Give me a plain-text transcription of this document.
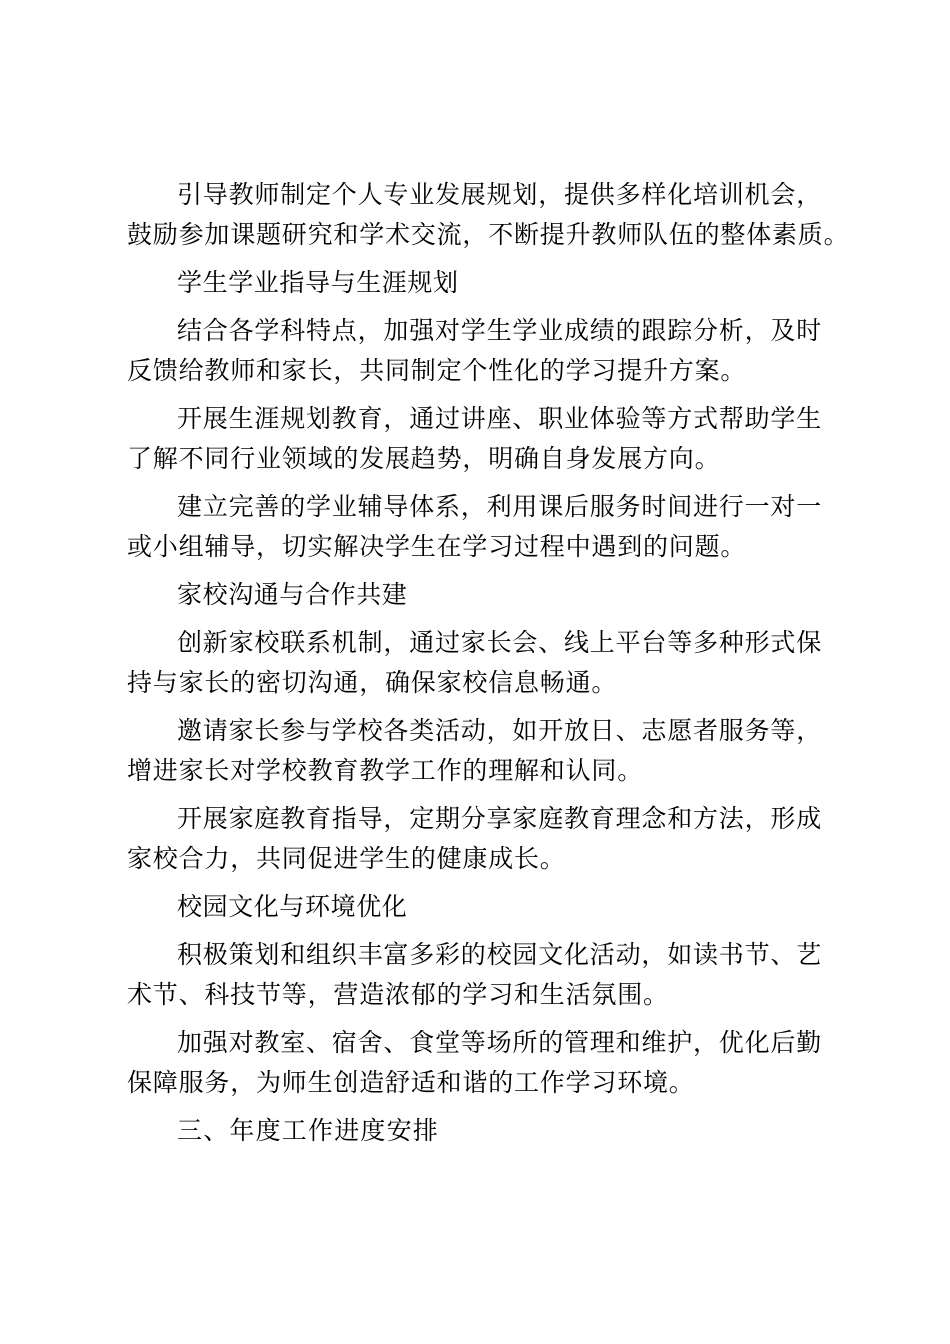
引导教师制定个人专业发展规划，提供多样化培训机会，
鼓励参加课题研究和学术交流，不断提升教师队伍的整体素质。
学生学业指导与生涯规划
结合各学科特点，加强对学生学业成绩的跟踪分析，及时
反馈给教师和家长，共同制定个性化的学习提升方案。
开展生涯规划教育，通过讲座、职业体验等方式帮助学生
了解不同行业领域的发展趋势，明确自身发展方向。
建立完善的学业辅导体系，利用课后服务时间进行一对一
或小组辅导，切实解决学生在学习过程中遇到的问题。
家校沟通与合作共建
创新家校联系机制，通过家长会、线上平台等多种形式保
持与家长的密切沟通，确保家校信息畅通。
邀请家长参与学校各类活动，如开放日、志愿者服务等，
增进家长对学校教育教学工作的理解和认同。
开展家庭教育指导，定期分享家庭教育理念和方法，形成
家校合力，共同促进学生的健康成长。
校园文化与环境优化
积极策划和组织丰富多彩的校园文化活动，如读书节、艺
术节、科技节等，营造浓郁的学习和生活氛围。
加强对教室、宿舍、食堂等场所的管理和维护，优化后勤
保障服务，为师生创造舒适和谐的工作学习环境。
三、年度工作进度安排
